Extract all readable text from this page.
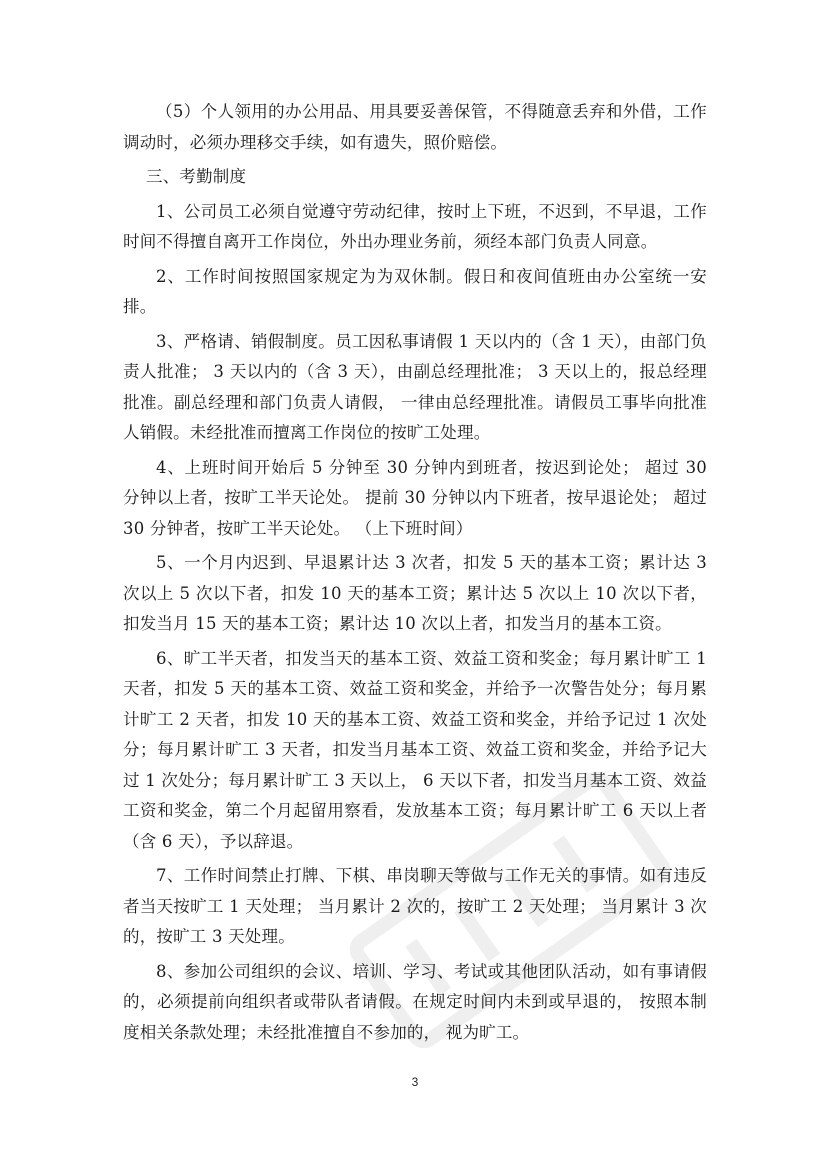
（5）个人领用的办公用品、用具要妥善保管，不得随意丢弃和外借，工作调动时，必须办理移交手续，如有遗失，照价赔偿。

三、考勤制度

1、公司员工必须自觉遵守劳动纪律，按时上下班，不迟到，不早退，工作时间不得擅自离开工作岗位，外出办理业务前，须经本部门负责人同意。

2、工作时间按照国家规定为为双休制。假日和夜间值班由办公室统一安排。

3、严格请、销假制度。员工因私事请假 1 天以内的（含 1 天），由部门负责人批准； 3 天以内的（含 3 天），由副总经理批准； 3 天以上的，报总经理批准。副总经理和部门负责人请假， 一律由总经理批准。请假员工事毕向批准人销假。未经批准而擅离工作岗位的按旷工处理。

4、上班时间开始后 5 分钟至 30 分钟内到班者，按迟到论处； 超过 30 分钟以上者，按旷工半天论处。 提前 30 分钟以内下班者，按早退论处； 超过 30 分钟者，按旷工半天论处。 （上下班时间）

5、一个月内迟到、早退累计达 3 次者，扣发 5 天的基本工资；累计达 3 次以上 5 次以下者，扣发 10 天的基本工资；累计达 5 次以上 10 次以下者，扣发当月 15 天的基本工资；累计达 10 次以上者，扣发当月的基本工资。

6、旷工半天者，扣发当天的基本工资、效益工资和奖金；每月累计旷工 1 天者，扣发 5 天的基本工资、效益工资和奖金，并给予一次警告处分；每月累计旷工 2 天者，扣发 10 天的基本工资、效益工资和奖金，并给予记过 1 次处分；每月累计旷工 3 天者，扣发当月基本工资、效益工资和奖金，并给予记大过 1 次处分；每月累计旷工 3 天以上， 6 天以下者，扣发当月基本工资、效益工资和奖金，第二个月起留用察看，发放基本工资；每月累计旷工 6 天以上者（含 6 天），予以辞退。

7、工作时间禁止打牌、下棋、串岗聊天等做与工作无关的事情。如有违反者当天按旷工 1 天处理； 当月累计 2 次的，按旷工 2 天处理； 当月累计 3 次的，按旷工 3 天处理。

8、参加公司组织的会议、培训、学习、考试或其他团队活动，如有事请假的，必须提前向组织者或带队者请假。在规定时间内未到或早退的， 按照本制度相关条款处理；未经批准擅自不参加的， 视为旷工。

3
